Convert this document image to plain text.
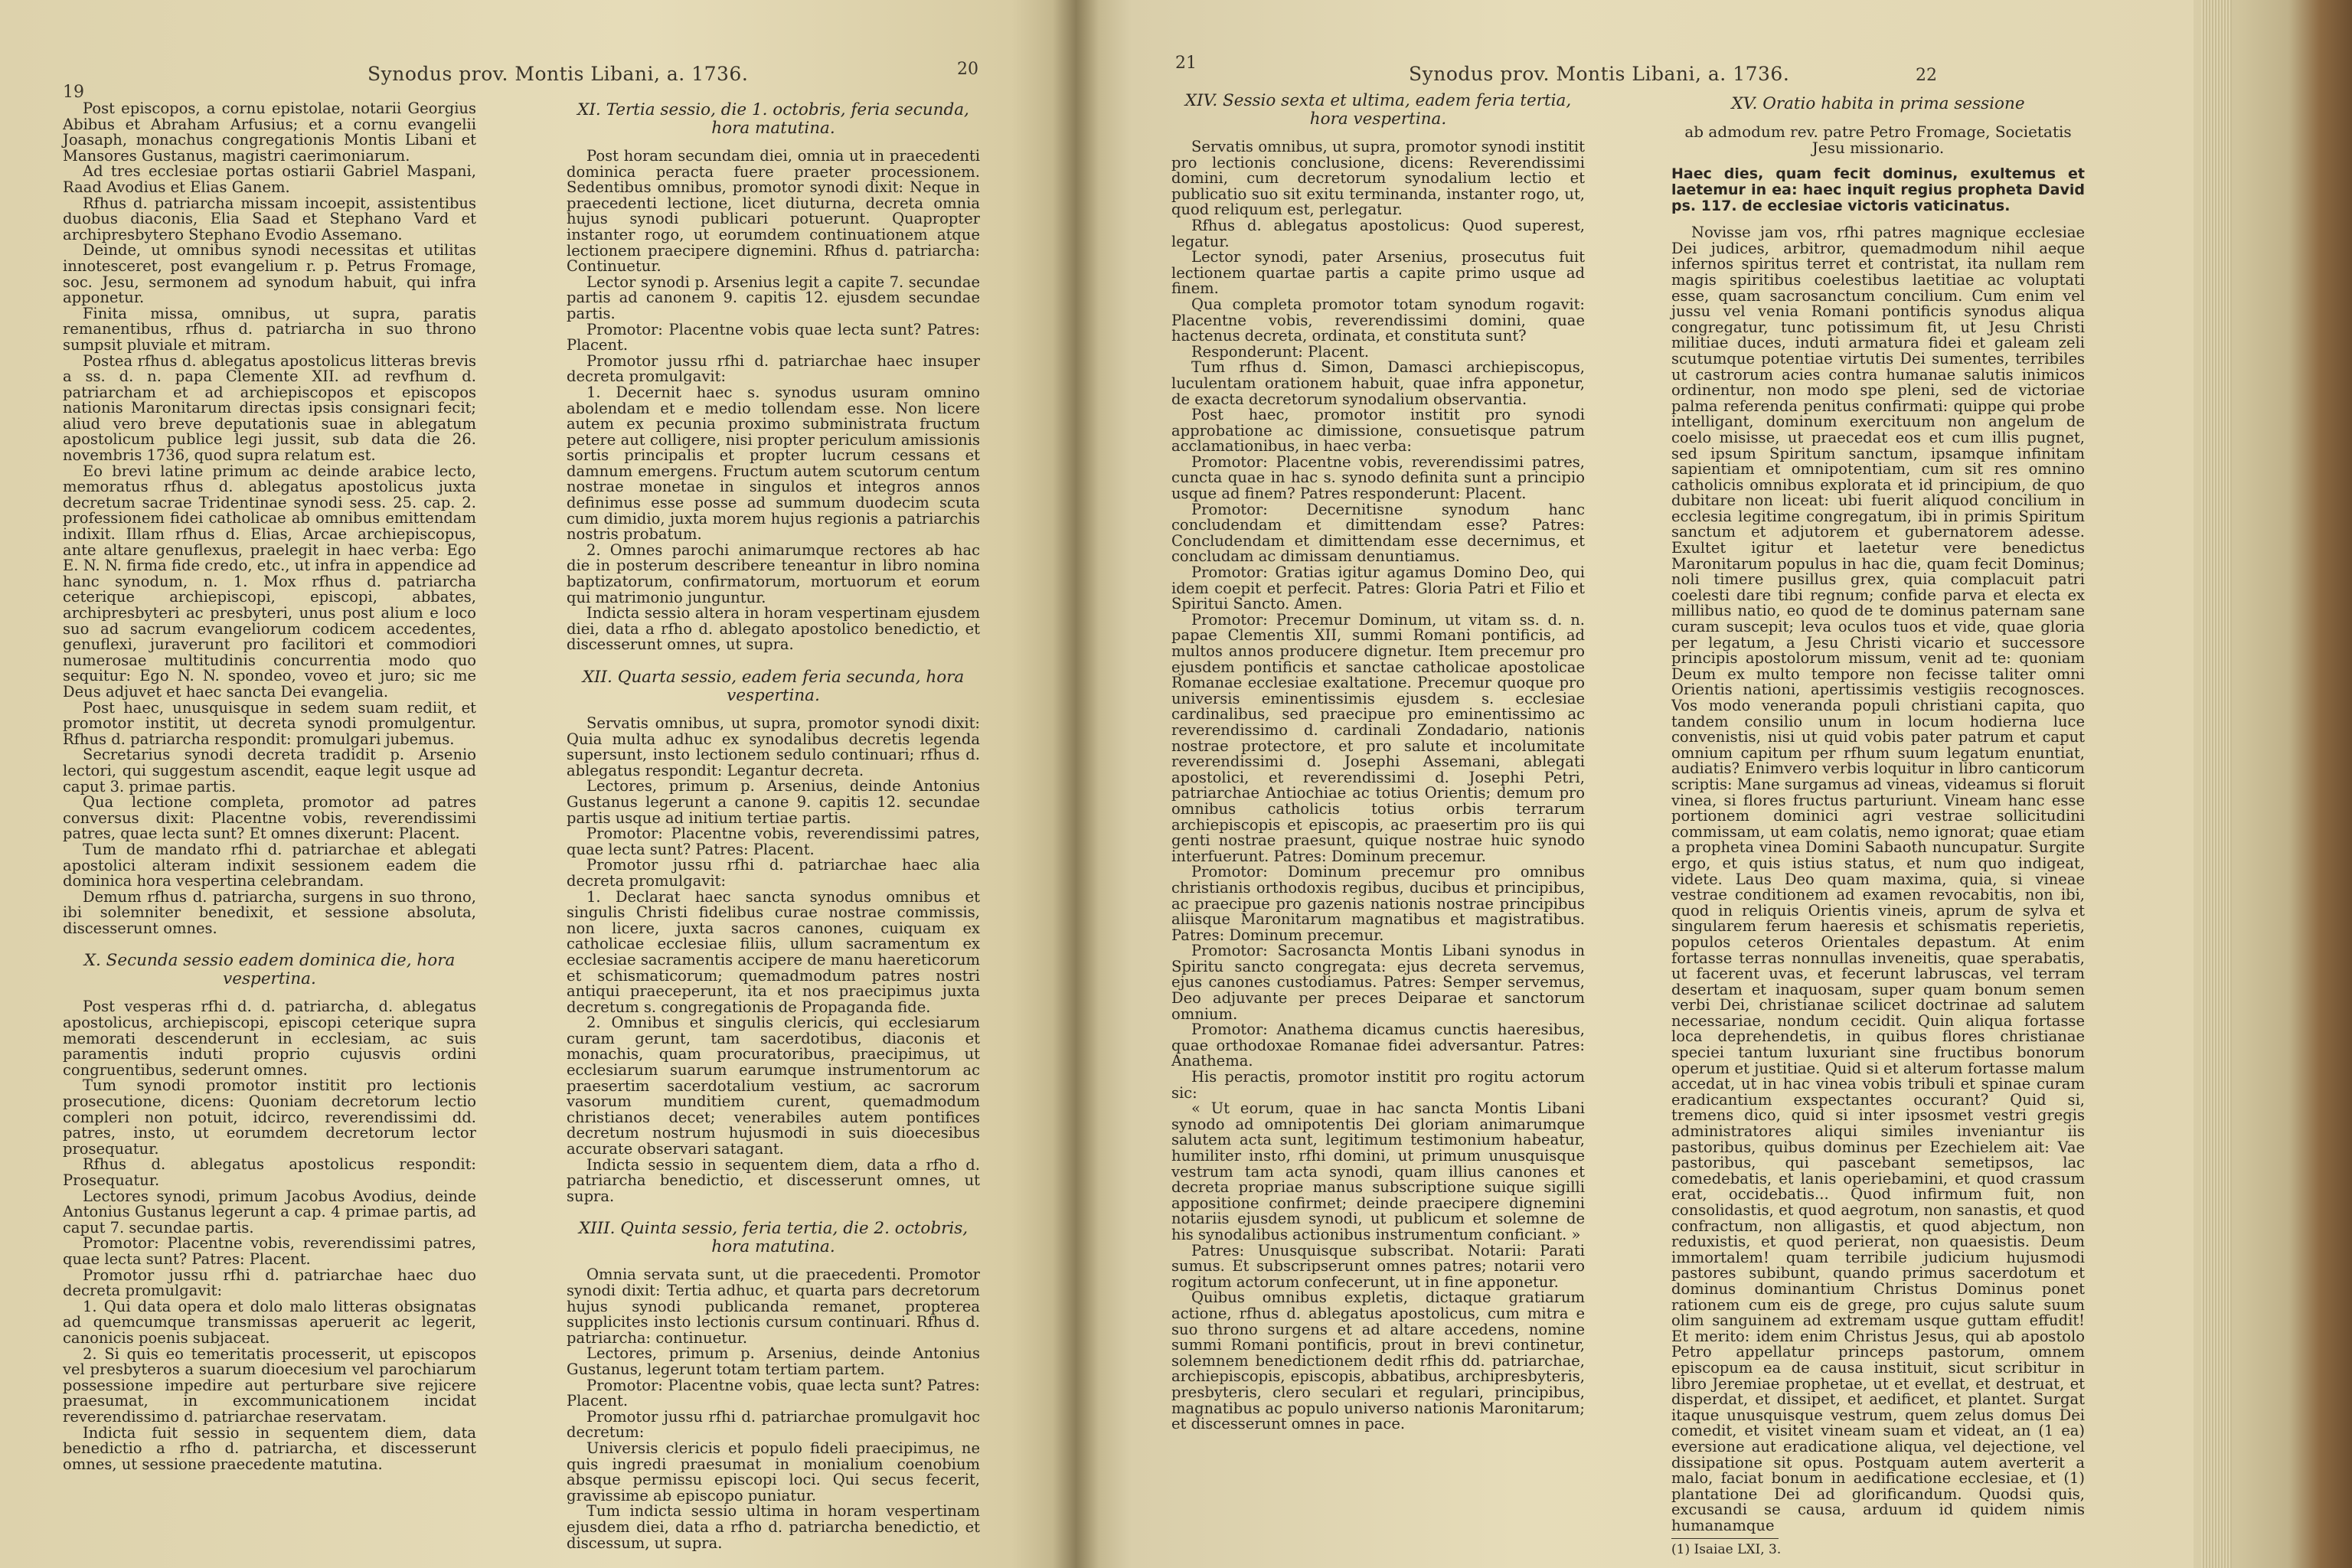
19
Synodus prov. Montis Libani, a. 1736.	20

Post episcopos, a cornu epistolae, notarii Georgius Abibus et Abraham Arfusius; et a cornu evangelii Joasaph, monachus congregationis Montis Libani et Mansores Gustanus, magistri caerimoniarum.

Ad tres ecclesiae portas ostiarii Gabriel Maspani, Raad Avodius et Elias Ganem.

Rfhus d. patriarcha missam incoepit, assistentibus duobus diaconis, Elia Saad et Stephano Vard et archipresbytero Stephano Evodio Assemano.

Deinde, ut omnibus synodi necessitas et utilitas innotesceret, post evangelium r. p. Petrus Fromage, soc. Jesu, sermonem ad synodum habuit, qui infra apponetur.

Finita missa, omnibus, ut supra, paratis remanentibus, rfhus d. patriarcha in suo throno sumpsit pluviale et mitram.

Postea rfhus d. ablegatus apostolicus litteras brevis a ss. d. n. papa Clemente XII. ad revfhum d. patriarcham et ad archiepiscopos et episcopos nationis Maronitarum directas ipsis consignari fecit; aliud vero breve deputationis suae in ablegatum apostolicum publice legi jussit, sub data die 26. novembris 1736, quod supra relatum est.

Eo brevi latine primum ac deinde arabice lecto, memoratus rfhus d. ablegatus apostolicus juxta decretum sacrae Tridentinae synodi sess. 25. cap. 2. professionem fidei catholicae ab omnibus emittendam indixit. Illam rfhus d. Elias, Arcae archiepiscopus, ante altare genuflexus, praelegit in haec verba: Ego E. N. N. firma fide credo, etc., ut infra in appendice ad hanc synodum, n. 1. Mox rfhus d. patriarcha ceterique archiepiscopi, episcopi, abbates, archipresbyteri ac presbyteri, unus post alium e loco suo ad sacrum evangeliorum codicem accedentes, genuflexi, juraverunt pro facilitori et commodiori numerosae multitudinis concurrentia modo quo sequitur: Ego N. N. spondeo, voveo et juro; sic me Deus adjuvet et haec sancta Dei evangelia.

Post haec, unusquisque in sedem suam rediit, et promotor institit, ut decreta synodi promulgentur. Rfhus d. patriarcha respondit: promulgari jubemus.

Secretarius synodi decreta tradidit p. Arsenio lectori, qui suggestum ascendit, eaque legit usque ad caput 3. primae partis.

Qua lectione completa, promotor ad patres conversus dixit: Placentne vobis, reverendissimi patres, quae lecta sunt? Et omnes dixerunt: Placent.

Tum de mandato rfhi d. patriarchae et ablegati apostolici alteram indixit sessionem eadem die dominica hora vespertina celebrandam.

Demum rfhus d. patriarcha, surgens in suo throno, ibi solemniter benedixit, et sessione absoluta, discesserunt omnes.

X. Secunda sessio eadem dominica die, hora vespertina.

Post vesperas rfhi d. d. patriarcha, d. ablegatus apostolicus, archiepiscopi, episcopi ceterique supra memorati descenderunt in ecclesiam, ac suis paramentis induti proprio cujusvis ordini congruentibus, sederunt omnes.

Tum synodi promotor institit pro lectionis prosecutione, dicens: Quoniam decretorum lectio compleri non potuit, idcirco, reverendissimi dd. patres, insto, ut eorumdem decretorum lector prosequatur.

Rfhus d. ablegatus apostolicus respondit: Prosequatur.

Lectores synodi, primum Jacobus Avodius, deinde Antonius Gustanus legerunt a cap. 4 primae partis, ad caput 7. secundae partis.

Promotor: Placentne vobis, reverendissimi patres, quae lecta sunt? Patres: Placent.

Promotor jussu rfhi d. patriarchae haec duo decreta promulgavit:

1. Qui data opera et dolo malo litteras obsignatas ad quemcumque transmissas aperuerit ac legerit, canonicis poenis subjaceat.

2. Si quis eo temeritatis processerit, ut episcopos vel presbyteros a suarum dioecesium vel parochiarum possessione impedire aut perturbare sive rejicere praesumat, in excommunicationem incidat reverendissimo d. patriarchae reservatam.

Indicta fuit sessio in sequentem diem, data benedictio a rfho d. patriarcha, et discesserunt omnes, ut sessione praecedente matutina.

XI. Tertia sessio, die 1. octobris, feria secunda, hora matutina.

Post horam secundam diei, omnia ut in praecedenti dominica peracta fuere praeter processionem. Sedentibus omnibus, promotor synodi dixit: Neque in praecedenti lectione, licet diuturna, decreta omnia hujus synodi publicari potuerunt. Quapropter instanter rogo, ut eorumdem continuationem atque lectionem praecipere dignemini. Rfhus d. patriarcha: Continuetur.

Lector synodi p. Arsenius legit a capite 7. secundae partis ad canonem 9. capitis 12. ejusdem secundae partis.

Promotor: Placentne vobis quae lecta sunt? Patres: Placent.

Promotor jussu rfhi d. patriarchae haec insuper decreta promulgavit:

1. Decernit haec s. synodus usuram omnino abolendam et e medio tollendam esse. Non licere autem ex pecunia proximo subministrata fructum petere aut colligere, nisi propter periculum amissionis sortis principalis et propter lucrum cessans et damnum emergens. Fructum autem scutorum centum nostrae monetae in singulos et integros annos definimus esse posse ad summum duodecim scuta cum dimidio, juxta morem hujus regionis a patriarchis nostris probatum.

2. Omnes parochi animarumque rectores ab hac die in posterum describere teneantur in libro nomina baptizatorum, confirmatorum, mortuorum et eorum qui matrimonio junguntur.

Indicta sessio altera in horam vespertinam ejusdem diei, data a rfho d. ablegato apostolico benedictio, et discesserunt omnes, ut supra.

XII. Quarta sessio, eadem feria secunda, hora vespertina.

Servatis omnibus, ut supra, promotor synodi dixit: Quia multa adhuc ex synodalibus decretis legenda supersunt, insto lectionem sedulo continuari; rfhus d. ablegatus respondit: Legantur decreta.

Lectores, primum p. Arsenius, deinde Antonius Gustanus legerunt a canone 9. capitis 12. secundae partis usque ad initium tertiae partis.

Promotor: Placentne vobis, reverendissimi patres, quae lecta sunt? Patres: Placent.

Promotor jussu rfhi d. patriarchae haec alia decreta promulgavit:

1. Declarat haec sancta synodus omnibus et singulis Christi fidelibus curae nostrae commissis, non licere, juxta sacros canones, cuiquam ex catholicae ecclesiae filiis, ullum sacramentum ex ecclesiae sacramentis accipere de manu haereticorum et schismaticorum; quemadmodum patres nostri antiqui praeceperunt, ita et nos praecipimus juxta decretum s. congregationis de Propaganda fide.

2. Omnibus et singulis clericis, qui ecclesiarum curam gerunt, tam sacerdotibus, diaconis et monachis, quam procuratoribus, praecipimus, ut ecclesiarum suarum earumque instrumentorum ac praesertim sacerdotalium vestium, ac sacrorum vasorum munditiem curent, quemadmodum christianos decet; venerabiles autem pontifices decretum nostrum hujusmodi in suis dioecesibus accurate observari satagant.

Indicta sessio in sequentem diem, data a rfho d. patriarcha benedictio, et discesserunt omnes, ut supra.

XIII. Quinta sessio, feria tertia, die 2. octobris, hora matutina.

Omnia servata sunt, ut die praecedenti. Promotor synodi dixit: Tertia adhuc, et quarta pars decretorum hujus synodi publicanda remanet, propterea supplicites insto lectionis cursum continuari. Rfhus d. patriarcha: continuetur.

Lectores, primum p. Arsenius, deinde Antonius Gustanus, legerunt totam tertiam partem.

Promotor: Placentne vobis, quae lecta sunt? Patres: Placent.

Promotor jussu rfhi d. patriarchae promulgavit hoc decretum:

Universis clericis et populo fideli praecipimus, ne quis ingredi praesumat in monialium coenobium absque permissu episcopi loci. Qui secus fecerit, gravissime ab episcopo puniatur.

Tum indicta sessio ultima in horam vespertinam ejusdem diei, data a rfho d. patriarcha benedictio, et discessum, ut supra.

21	Synodus prov. Montis Libani, a. 1736.	22
XIV. Sessio sexta et ultima, eadem feria tertia, hora vespertina.

Servatis omnibus, ut supra, promotor synodi institit pro lectionis conclusione, dicens: Reverendissimi domini, cum decretorum synodalium lectio et publicatio suo sit exitu terminanda, instanter rogo, ut, quod reliquum est, perlegatur.

Rfhus d. ablegatus apostolicus: Quod superest, legatur.

Lector synodi, pater Arsenius, prosecutus fuit lectionem quartae partis a capite primo usque ad finem.

Qua completa promotor totam synodum rogavit: Placentne vobis, reverendissimi domini, quae hactenus decreta, ordinata, et constituta sunt?

Responderunt: Placent.

Tum rfhus d. Simon, Damasci archiepiscopus, luculentam orationem habuit, quae infra apponetur, de exacta decretorum synodalium observantia.

Post haec, promotor institit pro synodi approbatione ac dimissione, consuetisque patrum acclamationibus, in haec verba:

Promotor: Placentne vobis, reverendissimi patres, cuncta quae in hac s. synodo definita sunt a principio usque ad finem? Patres responderunt: Placent.

Promotor: Decernitisne synodum hanc concludendam et dimittendam esse? Patres: Concludendam et dimittendam esse decernimus, et concludam ac dimissam denuntiamus.

Promotor: Gratias igitur agamus Domino Deo, qui idem coepit et perfecit. Patres: Gloria Patri et Filio et Spiritui Sancto. Amen.

Promotor: Precemur Dominum, ut vitam ss. d. n. papae Clementis XII, summi Romani pontificis, ad multos annos producere dignetur. Item precemur pro ejusdem pontificis et sanctae catholicae apostolicae Romanae ecclesiae exaltatione. Precemur quoque pro universis eminentissimis ejusdem s. ecclesiae cardinalibus, sed praecipue pro eminentissimo ac reverendissimo d. cardinali Zondadario, nationis nostrae protectore, et pro salute et incolumitate reverendissimi d. Josephi Assemani, ablegati apostolici, et reverendissimi d. Josephi Petri, patriarchae Antiochiae ac totius Orientis; demum pro omnibus catholicis totius orbis terrarum archiepiscopis et episcopis, ac praesertim pro iis qui genti nostrae praesunt, quique nostrae huic synodo interfuerunt. Patres: Dominum precemur.

Promotor: Dominum precemur pro omnibus christianis orthodoxis regibus, ducibus et principibus, ac praecipue pro gazenis nationis nostrae principibus aliisque Maronitarum magnatibus et magistratibus. Patres: Dominum precemur.

Promotor: Sacrosancta Montis Libani synodus in Spiritu sancto congregata: ejus decreta servemus, ejus canones custodiamus. Patres: Semper servemus, Deo adjuvante per preces Deiparae et sanctorum omnium.

Promotor: Anathema dicamus cunctis haeresibus, quae orthodoxae Romanae fidei adversantur. Patres: Anathema.

His peractis, promotor institit pro rogitu actorum sic:

« Ut eorum, quae in hac sancta Montis Libani synodo ad omnipotentis Dei gloriam animarumque salutem acta sunt, legitimum testimonium habeatur, humiliter insto, rfhi domini, ut primum unusquisque vestrum tam acta synodi, quam illius canones et decreta propriae manus subscriptione suique sigilli appositione confirmet; deinde praecipere dignemini notariis ejusdem synodi, ut publicum et solemne de his synodalibus actionibus instrumentum conficiant. »

Patres: Unusquisque subscribat. Notarii: Parati sumus. Et subscripserunt omnes patres; notarii vero rogitum actorum confecerunt, ut in fine apponetur.

Quibus omnibus expletis, dictaque gratiarum actione, rfhus d. ablegatus apostolicus, cum mitra e suo throno surgens et ad altare accedens, nomine summi Romani pontificis, prout in brevi continetur, solemnem benedictionem dedit rfhis dd. patriarchae, archiepiscopis, episcopis, abbatibus, archipresbyteris, presbyteris, clero seculari et regulari, principibus, magnatibus ac populo universo nationis Maronitarum; et discesserunt omnes in pace.

XV. Oratio habita in prima sessione
ab admodum rev. patre Petro Fromage, Societatis Jesu missionario.
Haec dies, quam fecit dominus, exultemus et laetemur in ea: haec inquit regius propheta David ps. 117. de ecclesiae victoris vaticinatus.

Novisse jam vos, rfhi patres magnique ecclesiae Dei judices, arbitror, quemadmodum nihil aeque infernos spiritus terret et contristat, ita nullam rem magis spiritibus coelestibus laetitiae ac voluptati esse, quam sacrosanctum concilium. Cum enim vel jussu vel venia Romani pontificis synodus aliqua congregatur, tunc potissimum fit, ut Jesu Christi militiae duces, induti armatura fidei et galeam zeli scutumque potentiae virtutis Dei sumentes, terribiles ut castrorum acies contra humanae salutis inimicos ordinentur, non modo spe pleni, sed de victoriae palma referenda penitus confirmati: quippe qui probe intelligant, dominum exercituum non angelum de coelo misisse, ut praecedat eos et cum illis pugnet, sed ipsum Spiritum sanctum, ipsamque infinitam sapientiam et omnipotentiam, cum sit res omnino catholicis omnibus explorata et id principium, de quo dubitare non liceat: ubi fuerit aliquod concilium in ecclesia legitime congregatum, ibi in primis Spiritum sanctum et adjutorem et gubernatorem adesse. Exultet igitur et laetetur vere benedictus Maronitarum populus in hac die, quam fecit Dominus; noli timere pusillus grex, quia complacuit patri coelesti dare tibi regnum; confide parva et electa ex millibus natio, eo quod de te dominus paternam sane curam suscepit; leva oculos tuos et vide, quae gloria per legatum, a Jesu Christi vicario et successore principis apostolorum missum, venit ad te: quoniam Deum ex multo tempore non fecisse taliter omni Orientis nationi, apertissimis vestigiis recognosces. Vos modo veneranda populi christiani capita, quo tandem consilio unum in locum hodierna luce convenistis, nisi ut quid vobis pater patrum et caput omnium capitum per rfhum suum legatum enuntiat, audiatis? Enimvero verbis loquitur in libro canticorum scriptis: Mane surgamus ad vineas, videamus si floruit vinea, si flores fructus parturiunt. Vineam hanc esse portionem dominici agri vestrae sollicitudini commissam, ut eam colatis, nemo ignorat; quae etiam a propheta vinea Domini Sabaoth nuncupatur. Surgite ergo, et quis istius status, et num quo indigeat, videte. Laus Deo quam maxima, quia, si vineae vestrae conditionem ad examen revocabitis, non ibi, quod in reliquis Orientis vineis, aprum de sylva et singularem ferum haeresis et schismatis reperietis, populos ceteros Orientales depastum. At enim fortasse terras nonnullas inveneitis, quae sperabatis, ut facerent uvas, et fecerunt labruscas, vel terram desertam et inaquosam, super quam bonum semen verbi Dei, christianae scilicet doctrinae ad salutem necessariae, nondum cecidit. Quin aliqua fortasse loca deprehendetis, in quibus flores christianae speciei tantum luxuriant sine fructibus bonorum operum et justitiae. Quid si et alterum fortasse malum accedat, ut in hac vinea vobis tribuli et spinae curam eradicantium exspectantes occurant? Quid si, tremens dico, quid si inter ipsosmet vestri gregis administratores aliqui similes inveniantur iis pastoribus, quibus dominus per Ezechielem ait: Vae pastoribus, qui pascebant semetipsos, lac comedebatis, et lanis operiebamini, et quod crassum erat, occidebatis... Quod infirmum fuit, non consolidastis, et quod aegrotum, non sanastis, et quod confractum, non alligastis, et quod abjectum, non reduxistis, et quod perierat, non quaesistis. Deum immortalem! quam terribile judicium hujusmodi pastores subibunt, quando primus sacerdotum et dominus dominantium Christus Dominus ponet rationem cum eis de grege, pro cujus salute suum olim sanguinem ad extremam usque guttam effudit! Et merito: idem enim Christus Jesus, qui ab apostolo Petro appellatur princeps pastorum, omnem episcopum ea de causa instituit, sicut scribitur in libro Jeremiae prophetae, ut et evellat, et destruat, et disperdat, et dissipet, et aedificet, et plantet. Surgat itaque unusquisque vestrum, quem zelus domus Dei comedit, et visitet vineam suam et videat, an (1 ea) eversione aut eradicatione aliqua, vel dejectione, vel dissipatione sit opus. Postquam autem averterit a malo, faciat bonum in aedificatione ecclesiae, et (1) plantatione Dei ad glorificandum. Quodsi quis, excusandi se causa, arduum id quidem nimis humanamque

(1) Isaiae LXI, 3.
